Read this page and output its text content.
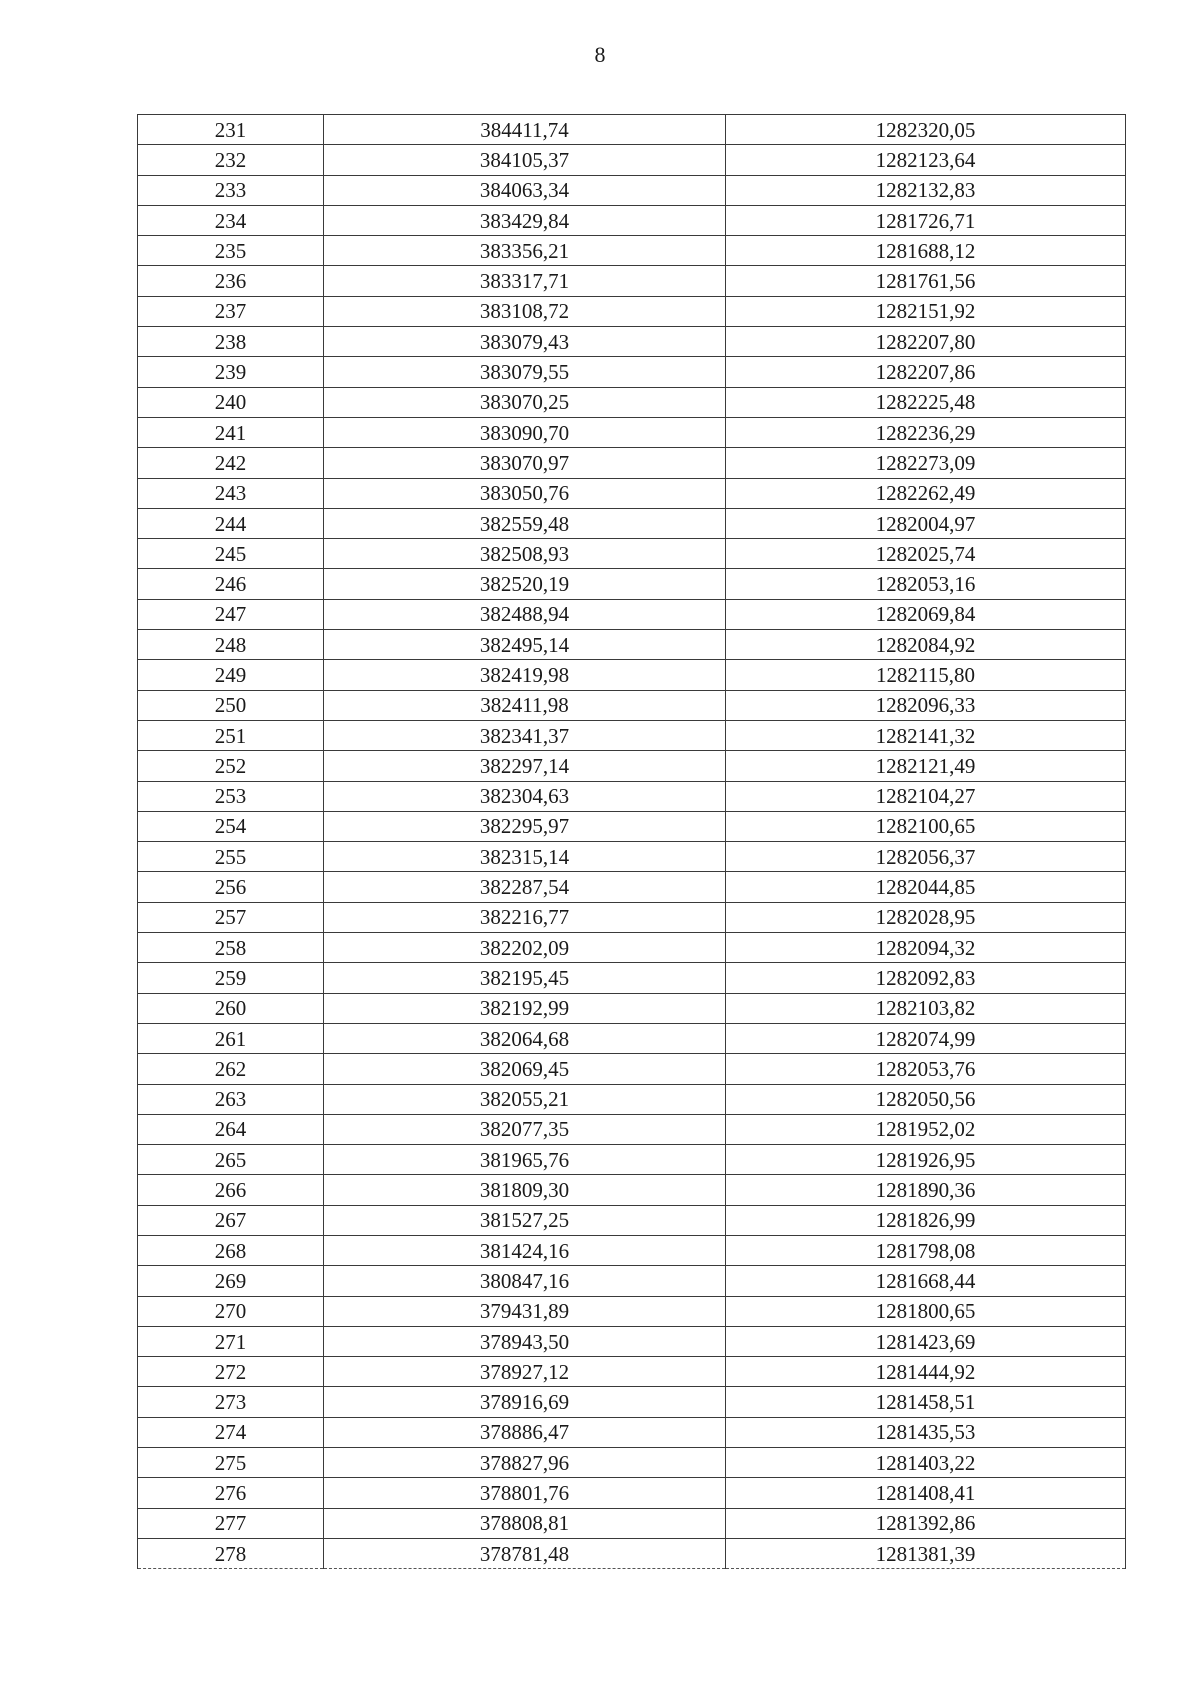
8
231	384411,74	1282320,05
232	384105,37	1282123,64
233	384063,34	1282132,83
234	383429,84	1281726,71
235	383356,21	1281688,12
236	383317,71	1281761,56
237	383108,72	1282151,92
238	383079,43	1282207,80
239	383079,55	1282207,86
240	383070,25	1282225,48
241	383090,70	1282236,29
242	383070,97	1282273,09
243	383050,76	1282262,49
244	382559,48	1282004,97
245	382508,93	1282025,74
246	382520,19	1282053,16
247	382488,94	1282069,84
248	382495,14	1282084,92
249	382419,98	1282115,80
250	382411,98	1282096,33
251	382341,37	1282141,32
252	382297,14	1282121,49
253	382304,63	1282104,27
254	382295,97	1282100,65
255	382315,14	1282056,37
256	382287,54	1282044,85
257	382216,77	1282028,95
258	382202,09	1282094,32
259	382195,45	1282092,83
260	382192,99	1282103,82
261	382064,68	1282074,99
262	382069,45	1282053,76
263	382055,21	1282050,56
264	382077,35	1281952,02
265	381965,76	1281926,95
266	381809,30	1281890,36
267	381527,25	1281826,99
268	381424,16	1281798,08
269	380847,16	1281668,44
270	379431,89	1281800,65
271	378943,50	1281423,69
272	378927,12	1281444,92
273	378916,69	1281458,51
274	378886,47	1281435,53
275	378827,96	1281403,22
276	378801,76	1281408,41
277	378808,81	1281392,86
278	378781,48	1281381,39
